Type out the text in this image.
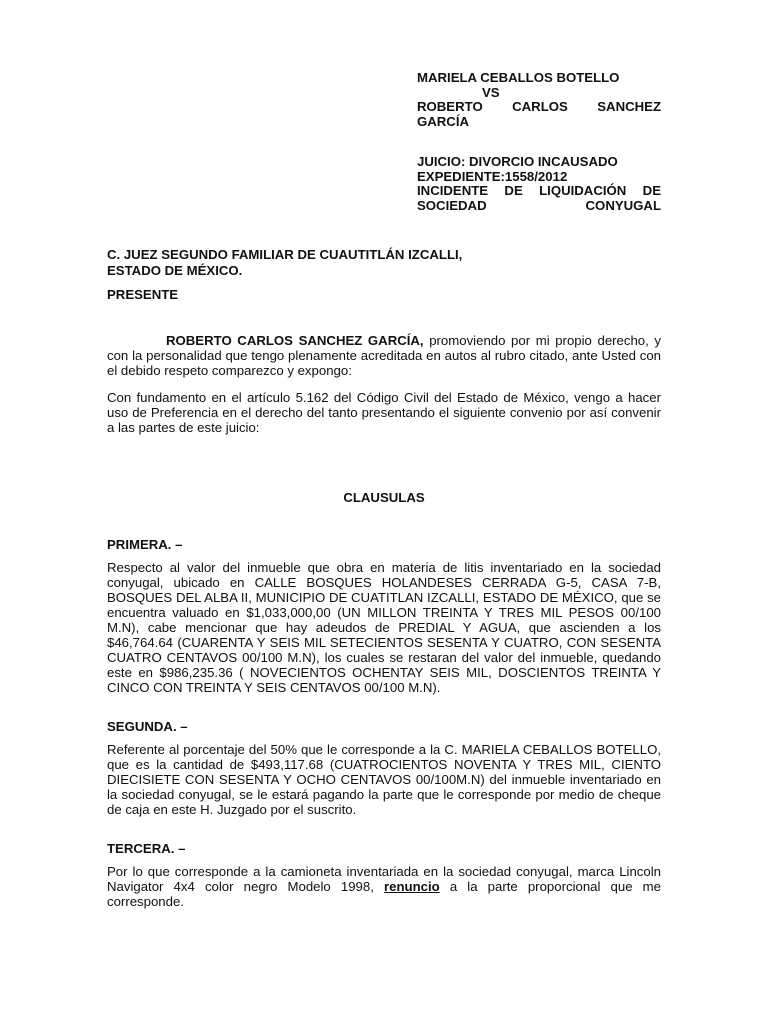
MARIELA CEBALLOS BOTELLO
VS
ROBERTO CARLOS SANCHEZ
GARCÍA
JUICIO: DIVORCIO INCAUSADO
EXPEDIENTE:1558/2012
INCIDENTE DE LIQUIDACIÓN DE
SOCIEDAD CONYUGAL
C. JUEZ SEGUNDO FAMILIAR DE CUAUTITLÁN IZCALLI,
ESTADO DE MÉXICO.
PRESENTE
ROBERTO CARLOS SANCHEZ GARCÍA, promoviendo por mi propio derecho, y con la personalidad que tengo plenamente acreditada en autos al rubro citado, ante Usted con el debido respeto comparezco y expongo:
Con fundamento en el artículo 5.162 del Código Civil del Estado de México, vengo a hacer uso de Preferencia en el derecho del tanto presentando el siguiente convenio por así convenir a las partes de este juicio:
CLAUSULAS
PRIMERA. –
Respecto al valor del inmueble que obra en materia de litis inventariado en la sociedad conyugal, ubicado en CALLE BOSQUES HOLANDESES CERRADA G-5, CASA 7-B, BOSQUES DEL ALBA II, MUNICIPIO DE CUATITLAN IZCALLI, ESTADO DE MÉXICO, que se encuentra valuado en $1,033,000,00 (UN MILLON TREINTA Y TRES MIL PESOS 00/100 M.N), cabe mencionar que hay adeudos de PREDIAL Y AGUA, que ascienden a los $46,764.64 (CUARENTA Y SEIS MIL SETECIENTOS SESENTA Y CUATRO, CON SESENTA CUATRO CENTAVOS 00/100 M.N), los cuales se restaran del valor del inmueble, quedando este en $986,235.36 ( NOVECIENTOS OCHENTAY SEIS MIL, DOSCIENTOS TREINTA Y CINCO CON TREINTA Y SEIS CENTAVOS 00/100 M.N).
SEGUNDA. –
Referente al porcentaje del 50% que le corresponde a la C. MARIELA CEBALLOS BOTELLO, que es la cantidad de $493,117.68 (CUATROCIENTOS NOVENTA Y TRES MIL, CIENTO DIECISIETE CON SESENTA Y OCHO CENTAVOS 00/100M.N) del inmueble inventariado en la sociedad conyugal, se le estará pagando la parte que le corresponde por medio de cheque de caja en este H. Juzgado por el suscrito.
TERCERA. –
Por lo que corresponde a la camioneta inventariada en la sociedad conyugal, marca Lincoln Navigator 4x4 color negro Modelo 1998, renuncio a la parte proporcional que me corresponde.
